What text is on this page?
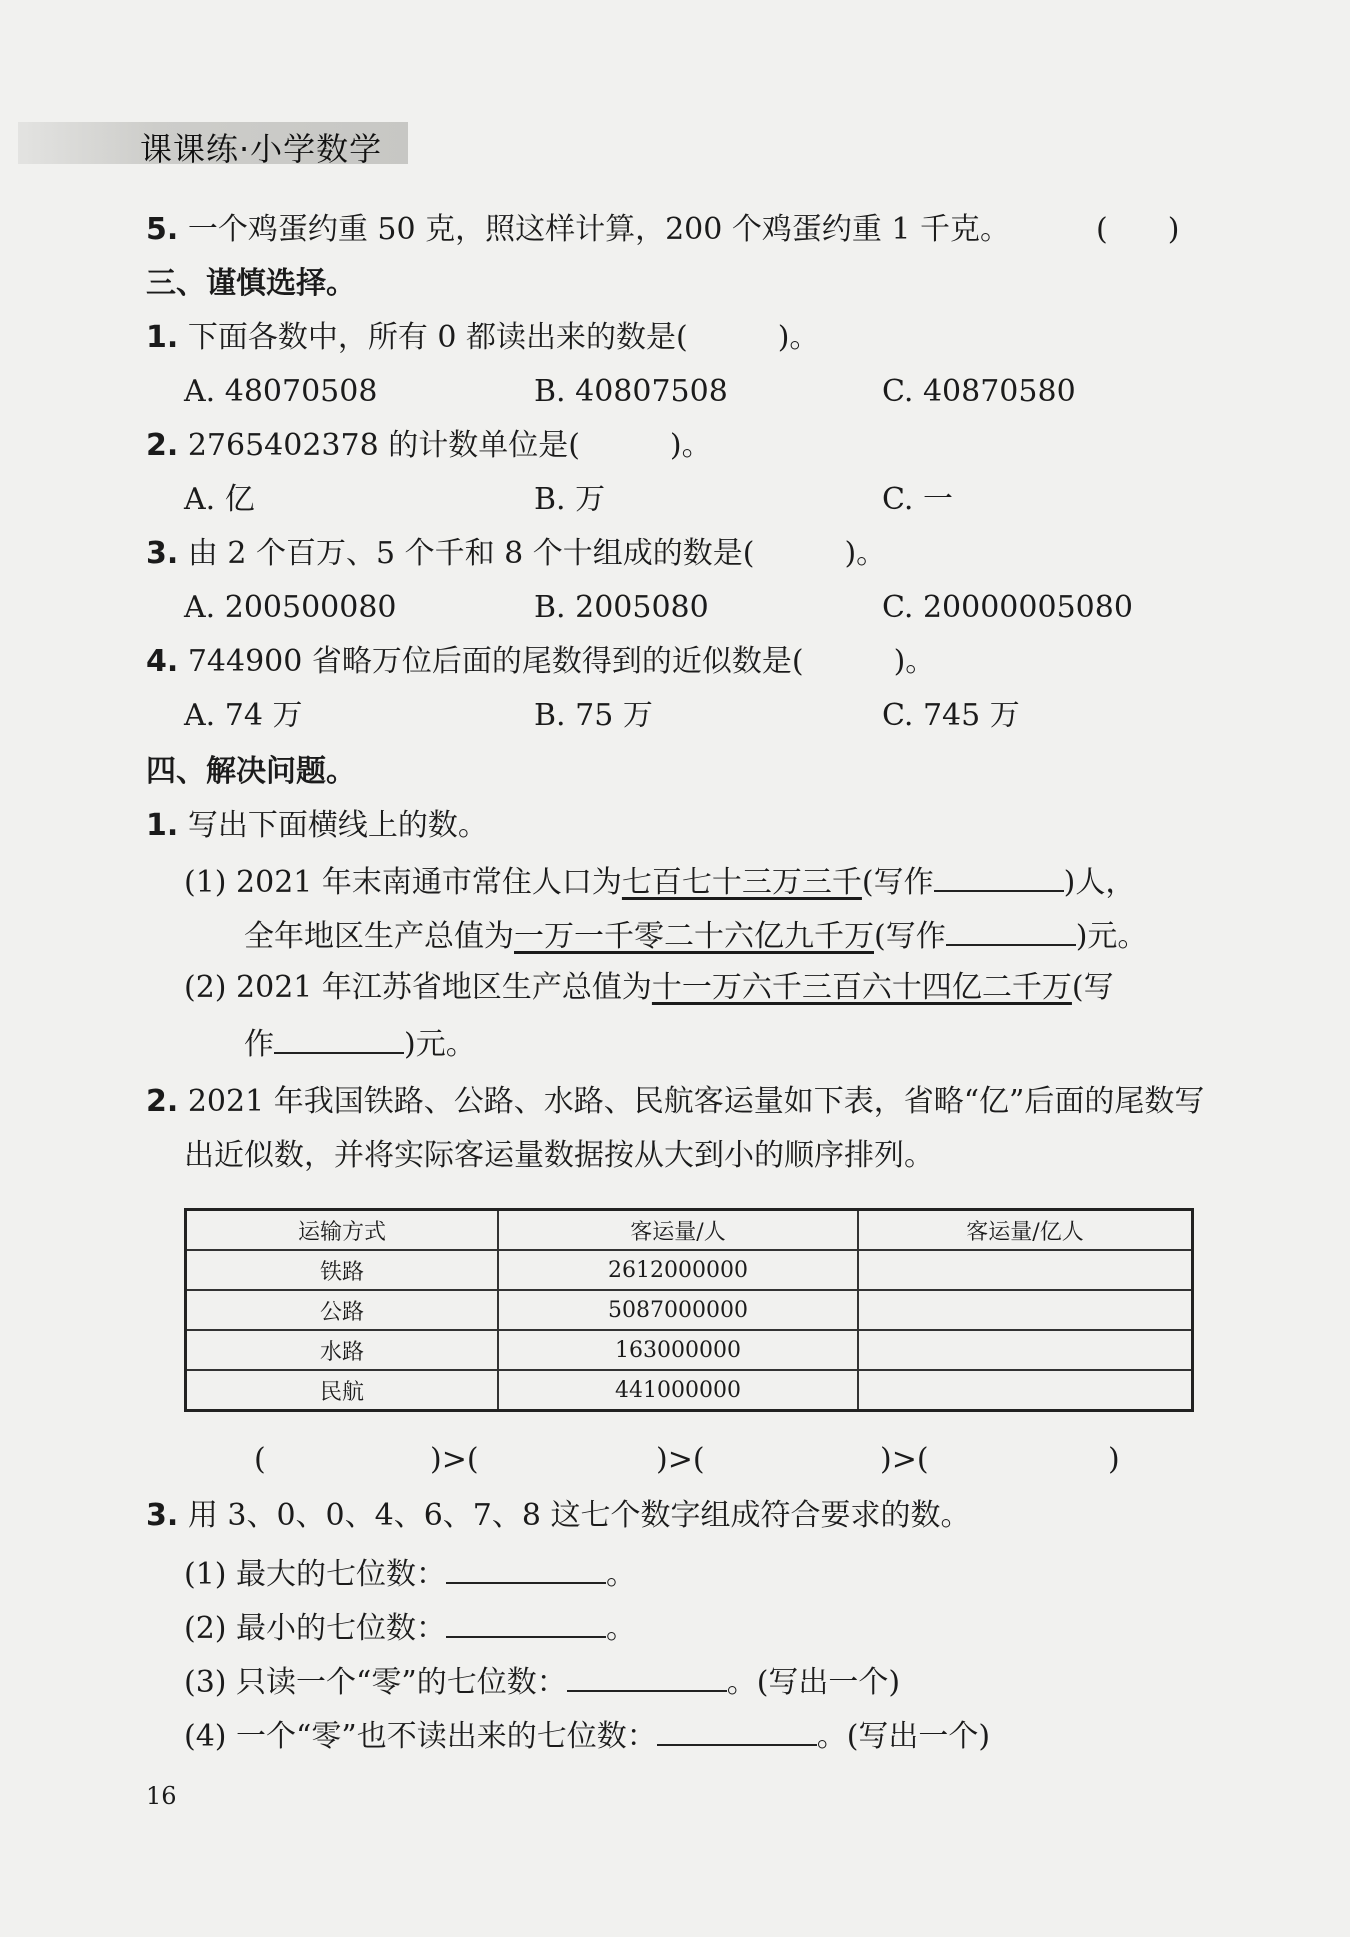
课课练·小学数学
5. 一个鸡蛋约重 50 克，照这样计算，200 个鸡蛋约重 1 千克。	(　　)
三、谨慎选择。
1. 下面各数中，所有 0 都读出来的数是(　　　)。
A. 48070508	B. 40807508	C. 40870580
2. 2765402378 的计数单位是(　　　)。
A. 亿	B. 万	C. 一
3. 由 2 个百万、5 个千和 8 个十组成的数是(　　　)。
A. 200500080	B. 2005080	C. 20000005080
4. 744900 省略万位后面的尾数得到的近似数是(　　　)。
A. 74 万	B. 75 万	C. 745 万
四、解决问题。
1. 写出下面横线上的数。
(1) 2021 年末南通市常住人口为七百七十三万三千(写作	)人，
全年地区生产总值为一万一千零二十六亿九千万(写作	)元。
(2) 2021 年江苏省地区生产总值为十一万六千三百六十四亿二千万(写
作	)元。
2. 2021 年我国铁路、公路、水路、民航客运量如下表，省略“亿”后面的尾数写
出近似数，并将实际客运量数据按从大到小的顺序排列。
运输方式	客运量/人	客运量/亿人
铁路	2612000000	
公路	5087000000	
水路	163000000	
民航	441000000	
(	)>(	)>(	)>(	)
3. 用 3、0、0、4、6、7、8 这七个数字组成符合要求的数。
(1) 最大的七位数：	。
(2) 最小的七位数：	。
(3) 只读一个“零”的七位数：	。(写出一个)
(4) 一个“零”也不读出来的七位数：	。(写出一个)
16
